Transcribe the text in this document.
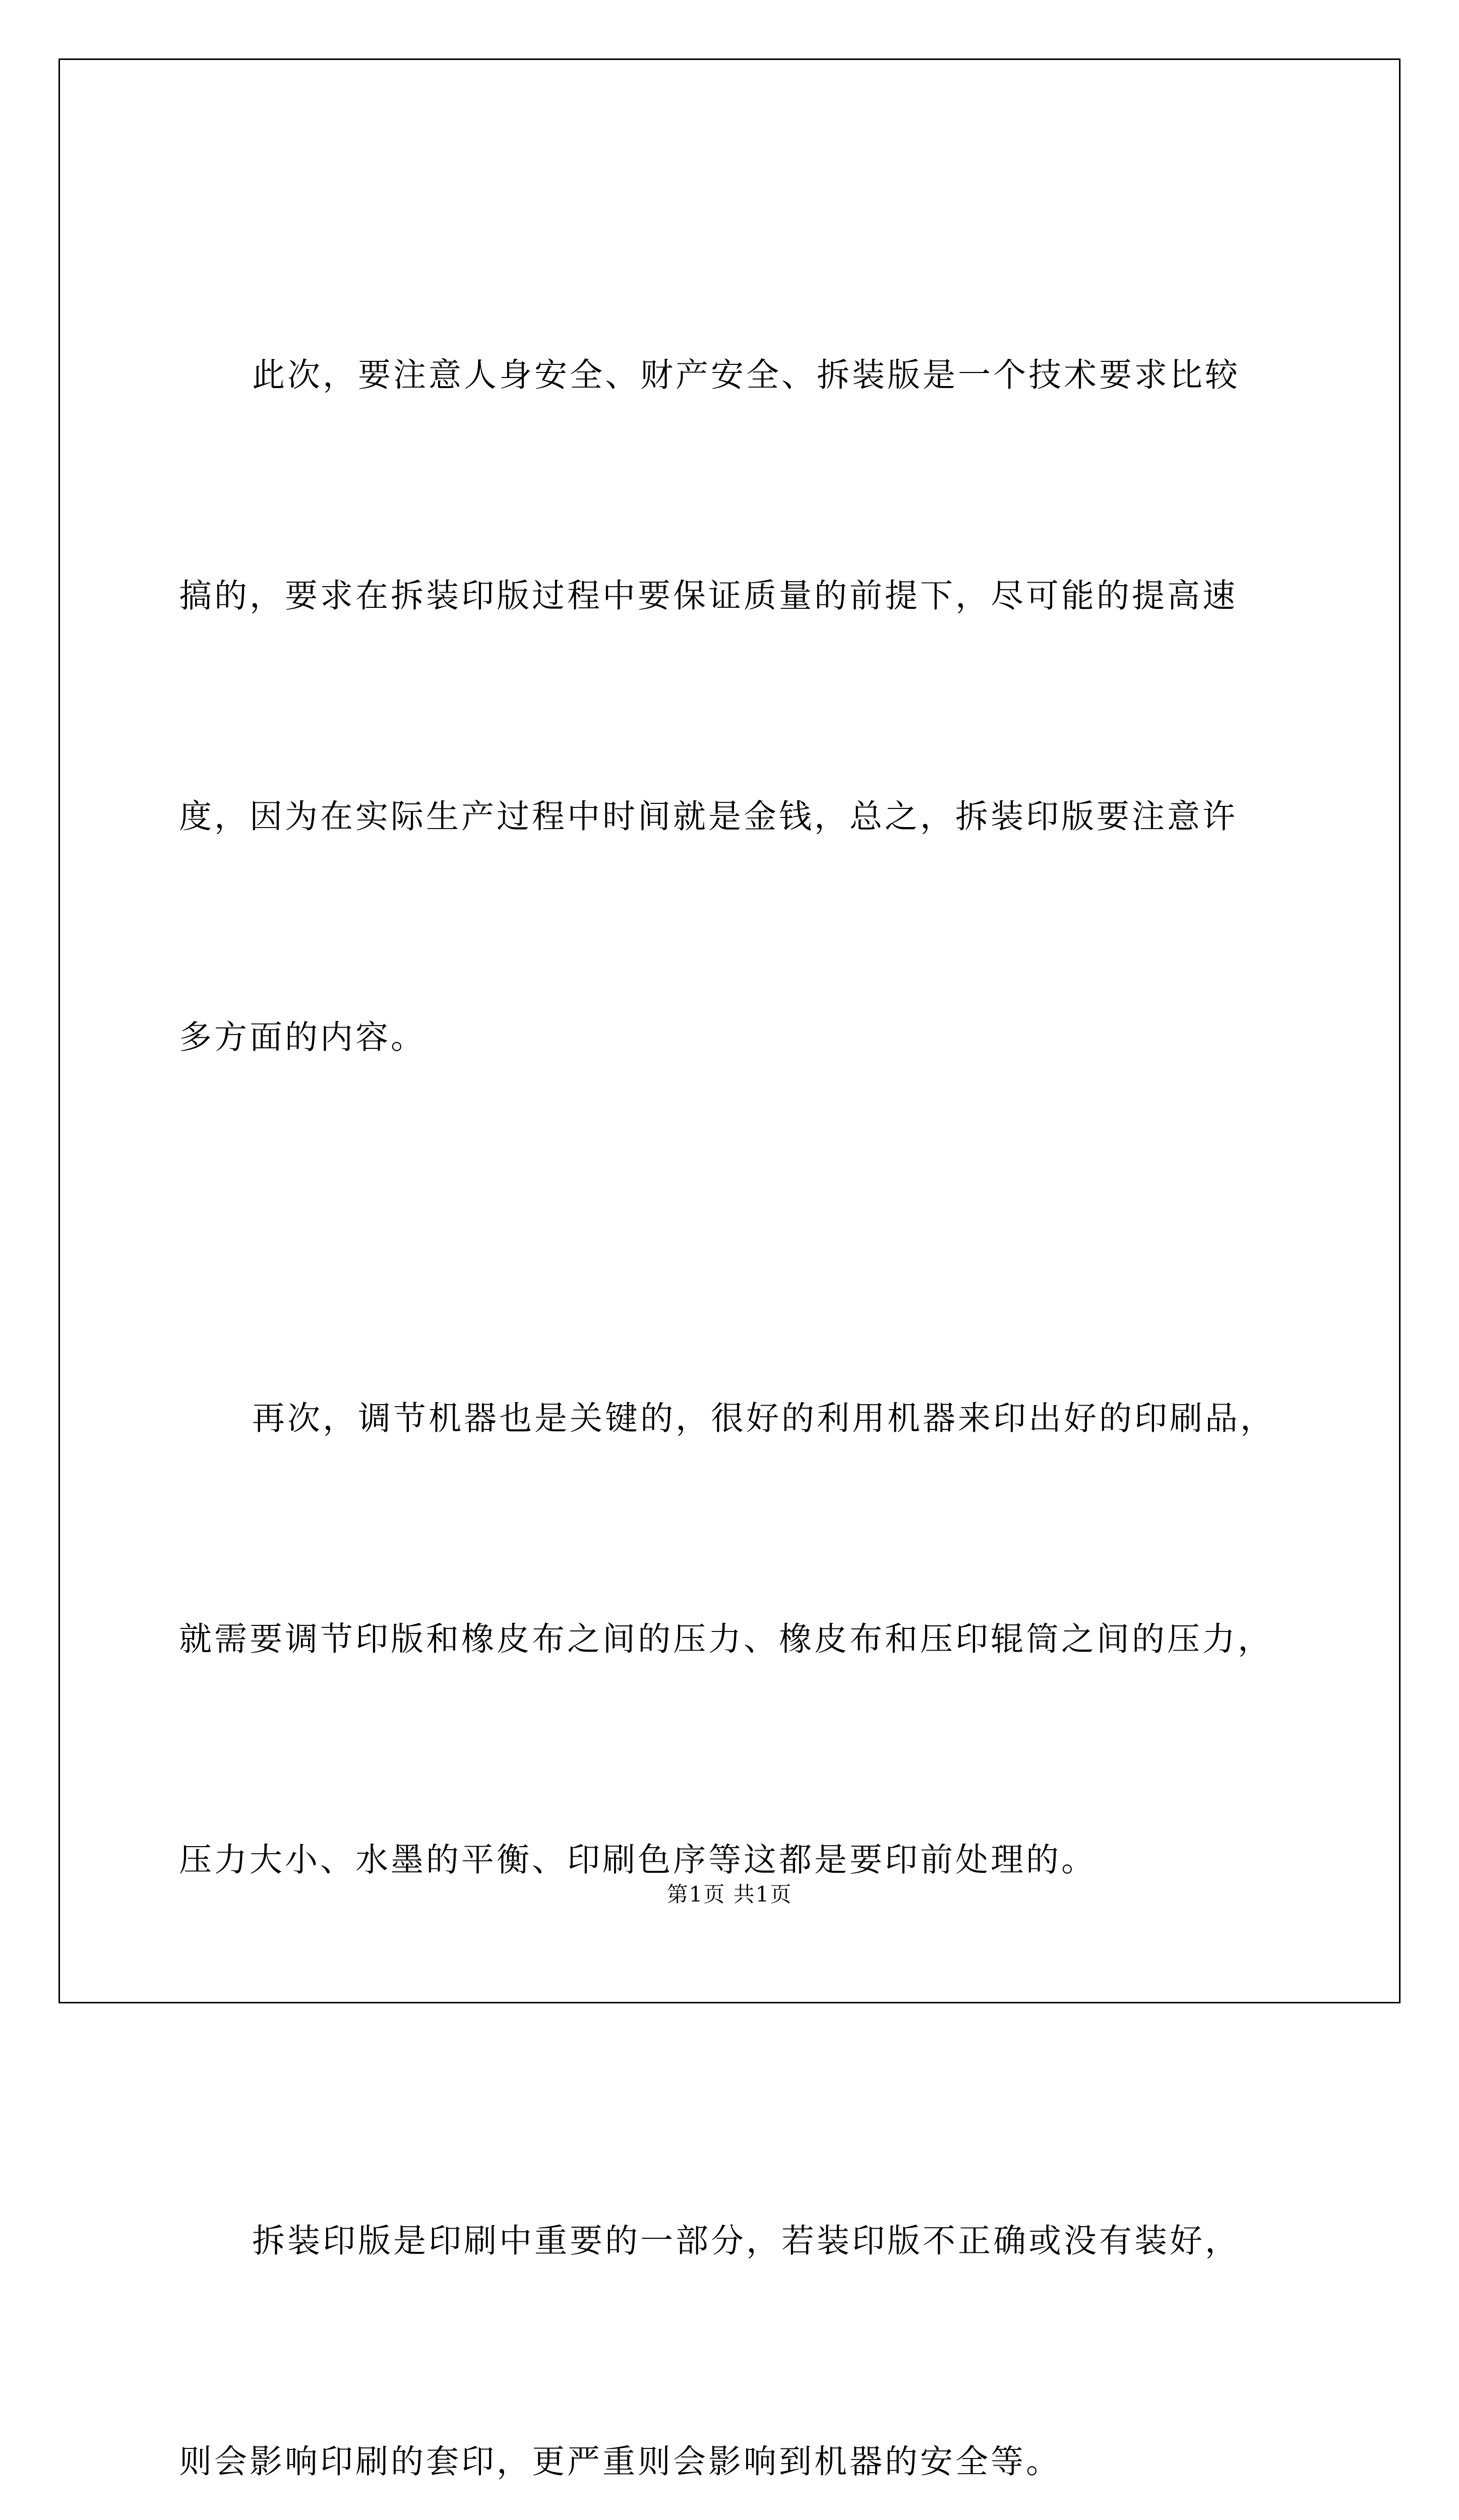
此次，要注意人身安全、财产安全、拆装版是一个技术要求比较

搞的，要求在拆装印版过程中要保证质量的前提下，尽可能的提高速

度，因为在实际生产过程中时间就是金钱，总之，拆装印版要注意许

多方面的内容。

再次，调节机器也是关键的，很好的利用机器来印出好的印刷品，

就需要调节印版和橡皮布之间的压力、橡皮布和压印辊筒之间的压力，

压力大小、水墨的平衡、印刷色序等这都是要印前处理的。

拆装印版是印刷中重要的一部分，若装印版不正确或没有装好，

则会影响印刷的套印，更严重则会影响到机器的安全等。

第1页 共1页
